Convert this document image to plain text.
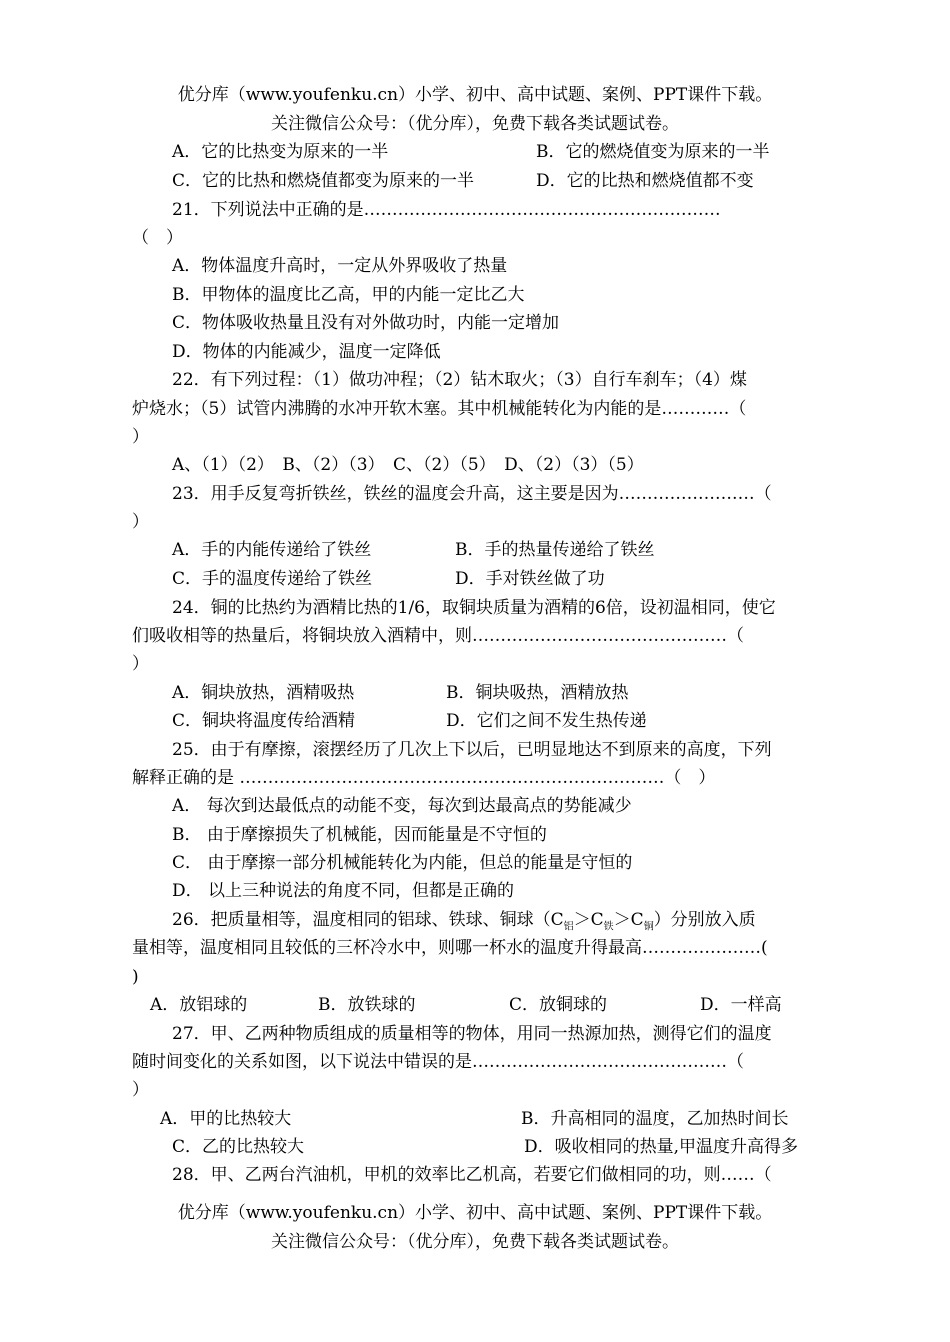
优分库（www.youfenku.cn）小学、初中、高中试题、案例、PPT课件下载。
关注微信公众号：（优分库），免费下载各类试题试卷。
A．它的比热变为原来的一半	B．它的燃烧值变为原来的一半
C．它的比热和燃烧值都变为原来的一半	D．它的比热和燃烧值都不变
21．下列说法中正确的是………………………………………………………
（　）
A．物体温度升高时，一定从外界吸收了热量
B．甲物体的温度比乙高，甲的内能一定比乙大
C．物体吸收热量且没有对外做功时，内能一定增加
D．物体的内能减少，温度一定降低
22．有下列过程：（1）做功冲程；（2）钻木取火；（3）自行车刹车；（4）煤
炉烧水；（5）试管内沸腾的水冲开软木塞。其中机械能转化为内能的是…………（
）
A、（1）（2）　B、（2）（3）　C、（2）（5）　D、（2）（3）（5）
23．用手反复弯折铁丝，铁丝的温度会升高，这主要是因为……………………（
）
A．手的内能传递给了铁丝	B．手的热量传递给了铁丝
C．手的温度传递给了铁丝	D．手对铁丝做了功
24．铜的比热约为酒精比热的1/6，取铜块质量为酒精的6倍，设初温相同，使它
们吸收相等的热量后，将铜块放入酒精中，则………………………………………（
）
A．铜块放热，酒精吸热	B．铜块吸热，酒精放热
C．铜块将温度传给酒精	D．它们之间不发生热传递
25．由于有摩擦，滚摆经历了几次上下以后，已明显地达不到原来的高度，下列
解释正确的是 …………………………………………………………………（　）
A． 每次到达最低点的动能不变，每次到达最高点的势能减少
B． 由于摩擦损失了机械能，因而能量是不守恒的
C． 由于摩擦一部分机械能转化为内能，但总的能量是守恒的
D． 以上三种说法的角度不同，但都是正确的
26．把质量相等，温度相同的铝球、铁球、铜球$(C_铝>C_铁>C_铜)$分别放入质
量相等，温度相同且较低的三杯冷水中，则哪一杯水的温度升得最高…………………(
)
A．放铝球的	B．放铁球的	C．放铜球的	D．一样高
27．甲、乙两种物质组成的质量相等的物体，用同一热源加热，测得它们的温度
随时间变化的关系如图，以下说法中错误的是………………………………………（
）
A．甲的比热较大	B．升高相同的温度，乙加热时间长
C．乙的比热较大	D．吸收相同的热量,甲温度升高得多
28．甲、乙两台汽油机，甲机的效率比乙机高，若要它们做相同的功，则……（
优分库（www.youfenku.cn）小学、初中、高中试题、案例、PPT课件下载。
关注微信公众号：（优分库），免费下载各类试题试卷。
